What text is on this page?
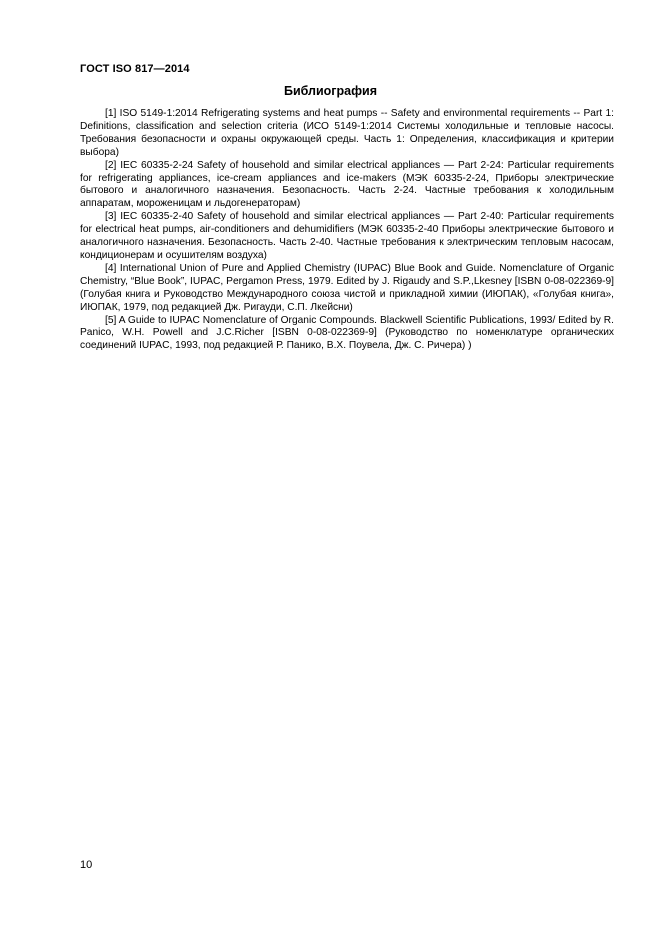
ГОСТ ISO 817—2014
Библиография

[1] ISO 5149-1:2014 Refrigerating systems and heat pumps -- Safety and environmental requirements -- Part 1: Definitions, classification and selection criteria (ИСО 5149-1:2014 Системы холодильные и тепловые насосы. Требования безопасности и охраны окружающей среды. Часть 1: Определения, классификация и критерии выбора)

[2] IEC 60335-2-24 Safety of household and similar electrical appliances — Part 2-24: Particular requirements for refrigerating appliances, ice-cream appliances and ice-makers (МЭК 60335-2-24, Приборы электрические бытового и аналогичного назначения. Безопасность. Часть 2-24. Частные требования к холодильным аппаратам, мороженицам и льдогенераторам)

[3] IEC 60335-2-40 Safety of household and similar electrical appliances — Part 2-40: Particular requirements for electrical heat pumps, air-conditioners and dehumidifiers (МЭК 60335-2-40 Приборы электрические бытового и аналогичного назначения. Безопасность. Часть 2-40. Частные требования к электрическим тепловым насосам, кондиционерам и осушителям воздуха)

[4] International Union of Pure and Applied Chemistry (IUPAC) Blue Book and Guide. Nomenclature of Organic Chemistry, “Blue Book”, IUPAC, Pergamon Press, 1979. Edited by J. Rigaudy and S.P.,Lkesney [ISBN 0-08-022369-9] (Голубая книга и Руководство Международного союза чистой и прикладной химии (ИЮПАК), «Голубая книга», ИЮПАК, 1979, под редакцией Дж. Ригауди, С.П. Лкейсни)

[5] A Guide to IUPAC Nomenclature of Organic Compounds. Blackwell Scientific Publications, 1993/ Edited by R. Panico, W.H. Powell and J.C.Richer [ISBN 0-08-022369-9] (Руководство по номенклатуре органических соединений IUPAC, 1993, под редакцией Р. Панико, В.Х. Поувела, Дж. С. Ричера) )

10
